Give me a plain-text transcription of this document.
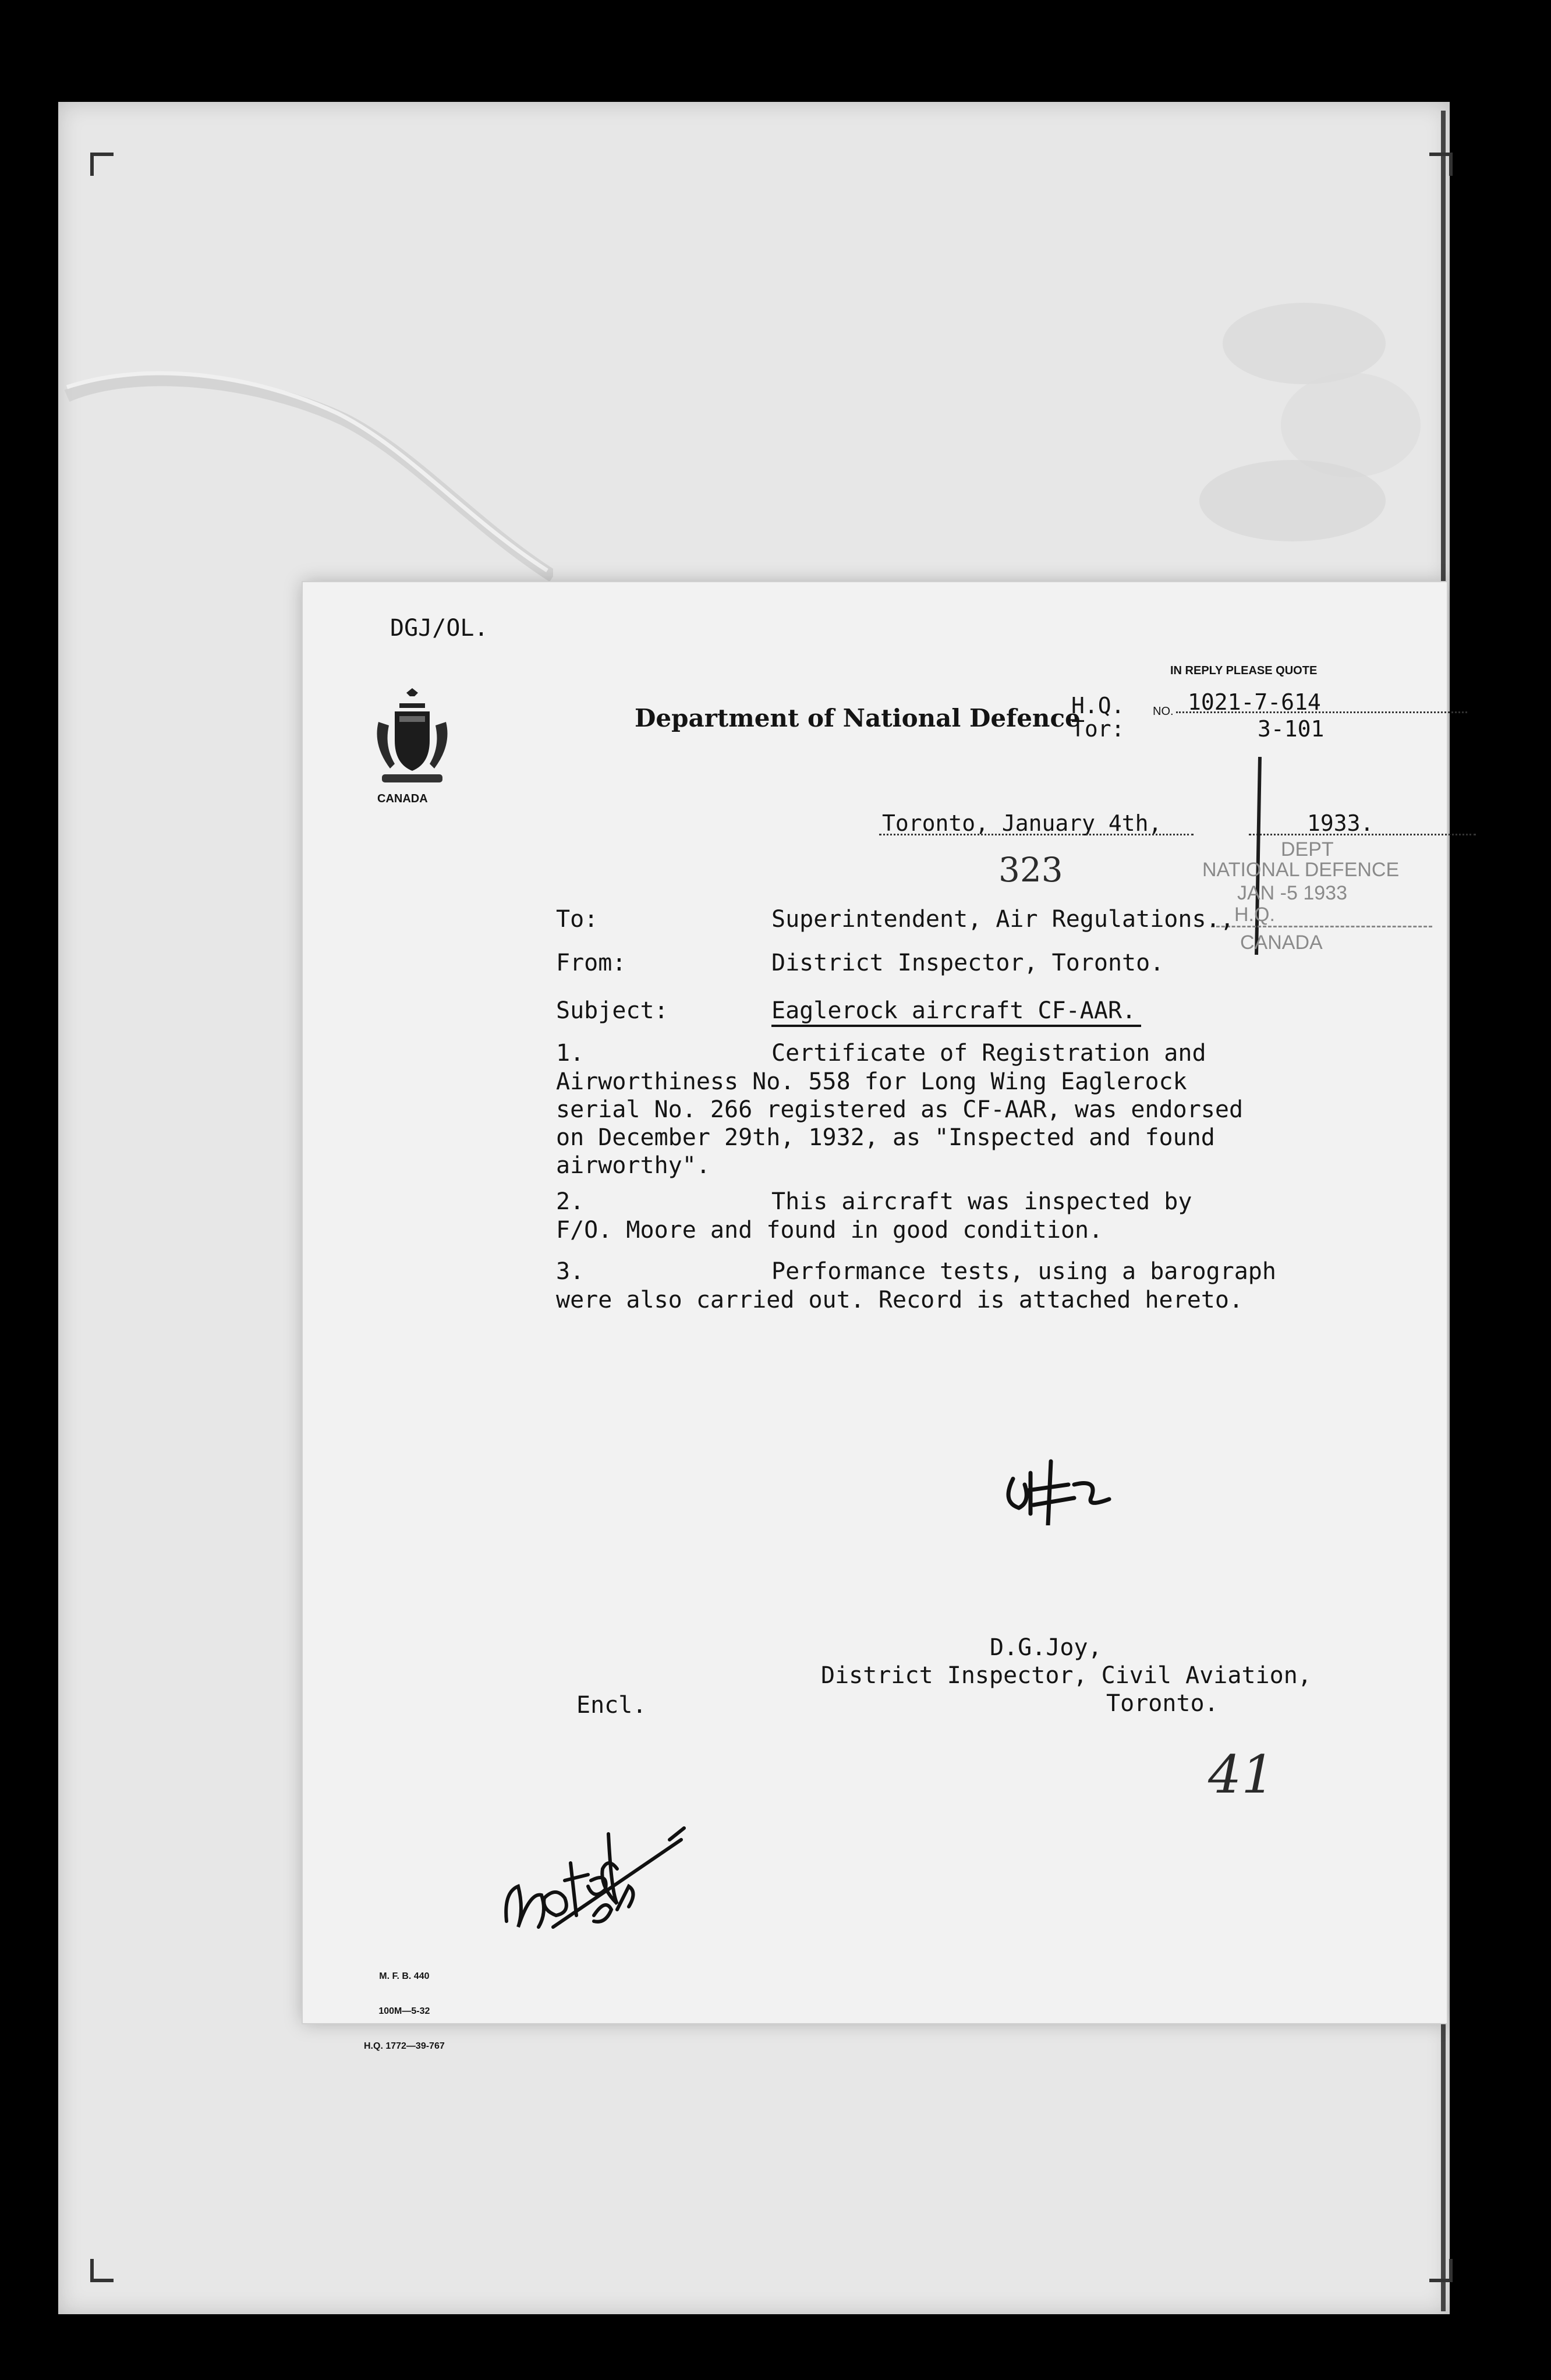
DGJ/OL.
CANADA
Department of National Defence
IN REPLY PLEASE QUOTE
H.Q. NO. 1021-7-614
Tor:	3-101
Toronto, January 4th,	1933.
323
DEPT
NATIONAL DEFENCE
JAN -5 1933
H.Q.
CANADA
To:	Superintendent, Air Regulations.,
From:	District Inspector, Toronto.
Subject:	Eaglerock aircraft CF-AAR.
1.	Certificate of Registration and
Airworthiness No. 558 for Long Wing Eaglerock
serial No. 266 registered as CF-AAR, was endorsed
on December 29th, 1932, as "Inspected and found
airworthy".
2.	This aircraft was inspected by
F/O. Moore and found in good condition.
3.	Performance tests, using a barograph
were also carried out. Record is attached hereto.
D.G.Joy,
District Inspector, Civil Aviation,
Toronto.
Encl.
41

M. F. B. 440

100M—5-32

H.Q. 1772—39-767
